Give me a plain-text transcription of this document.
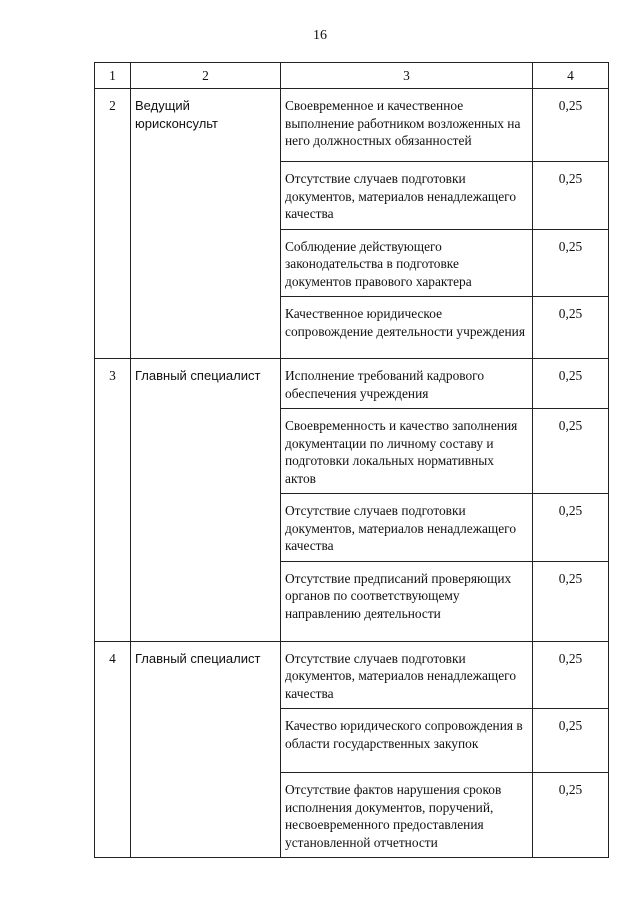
16
1	2	3	4
2	Ведущий юрисконсульт	Своевременное и качественное выполнение работником возложенных на него должностных обязанностей	0,25
		Отсутствие случаев подготовки документов, материалов ненадлежащего качества	0,25
		Соблюдение действующего законодательства в подготовке документов правового характера	0,25
		Качественное юридическое сопровождение деятельности учреждения	0,25
3	Главный специалист	Исполнение требований кадрового обеспечения учреждения	0,25
		Своевременность и качество заполнения документации по личному составу и подготовки локальных нормативных актов	0,25
		Отсутствие случаев подготовки документов, материалов ненадлежащего качества	0,25
		Отсутствие предписаний проверяющих органов по соответствующему направлению деятельности	0,25
4	Главный специалист	Отсутствие случаев подготовки документов, материалов ненадлежащего качества	0,25
		Качество юридического сопровождения в области государственных закупок	0,25
		Отсутствие фактов нарушения сроков исполнения документов, поручений, несвоевременного предоставления установленной отчетности	0,25
